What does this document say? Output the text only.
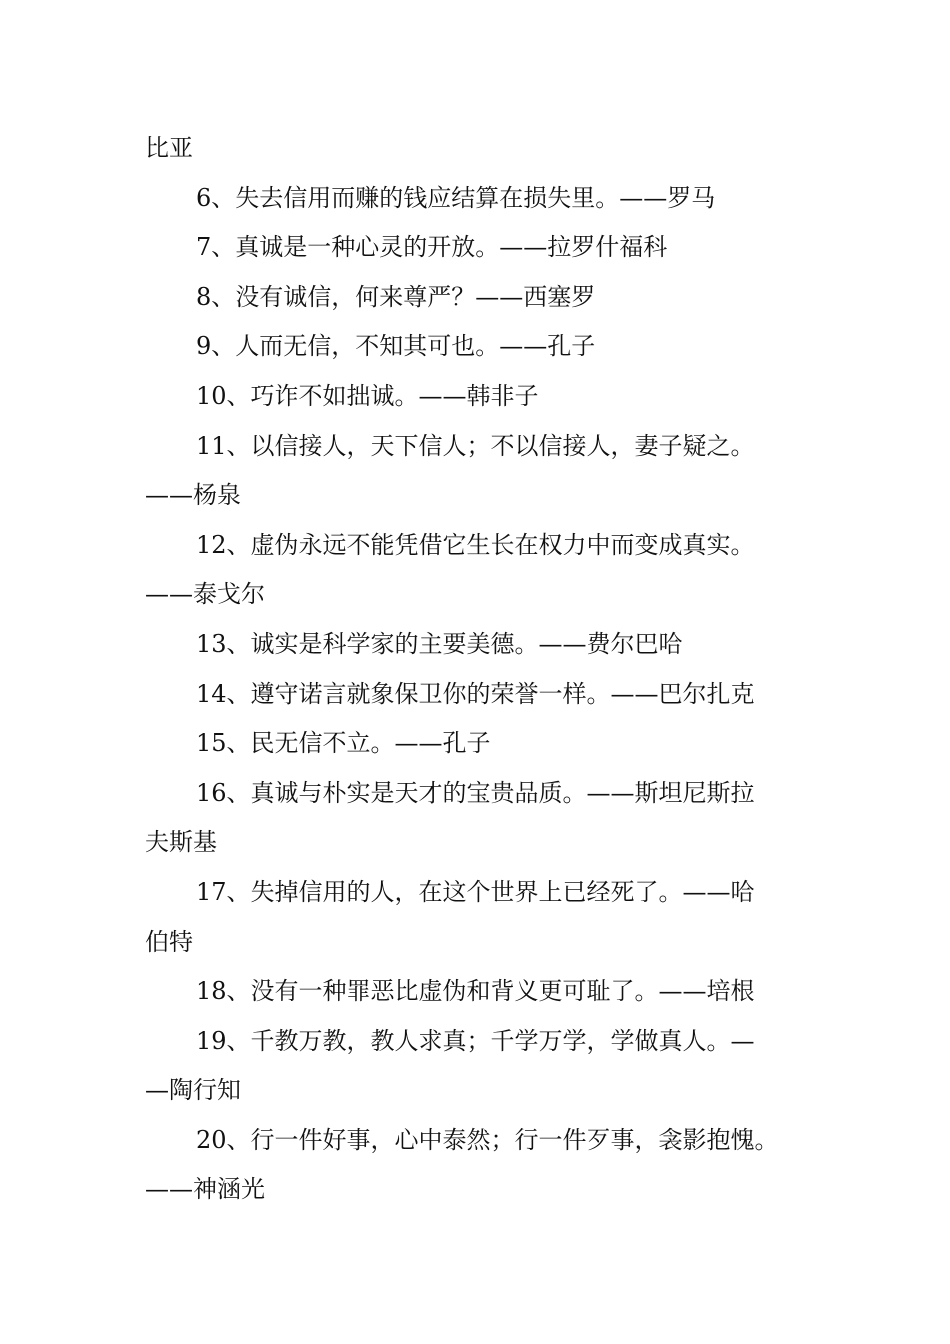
比亚
6、失去信用而赚的钱应结算在损失里。——罗马
7、真诚是一种心灵的开放。——拉罗什福科
8、没有诚信，何来尊严？——西塞罗
9、人而无信，不知其可也。——孔子
10、巧诈不如拙诚。——韩非子
11、以信接人，天下信人；不以信接人，妻子疑之。
——杨泉
12、虚伪永远不能凭借它生长在权力中而变成真实。
——泰戈尔
13、诚实是科学家的主要美德。——费尔巴哈
14、遵守诺言就象保卫你的荣誉一样。——巴尔扎克
15、民无信不立。——孔子
16、真诚与朴实是天才的宝贵品质。——斯坦尼斯拉
夫斯基
17、失掉信用的人，在这个世界上已经死了。——哈
伯特
18、没有一种罪恶比虚伪和背义更可耻了。——培根
19、千教万教，教人求真；千学万学，学做真人。—
—陶行知
20、行一件好事，心中泰然；行一件歹事，衾影抱愧。
——神涵光
